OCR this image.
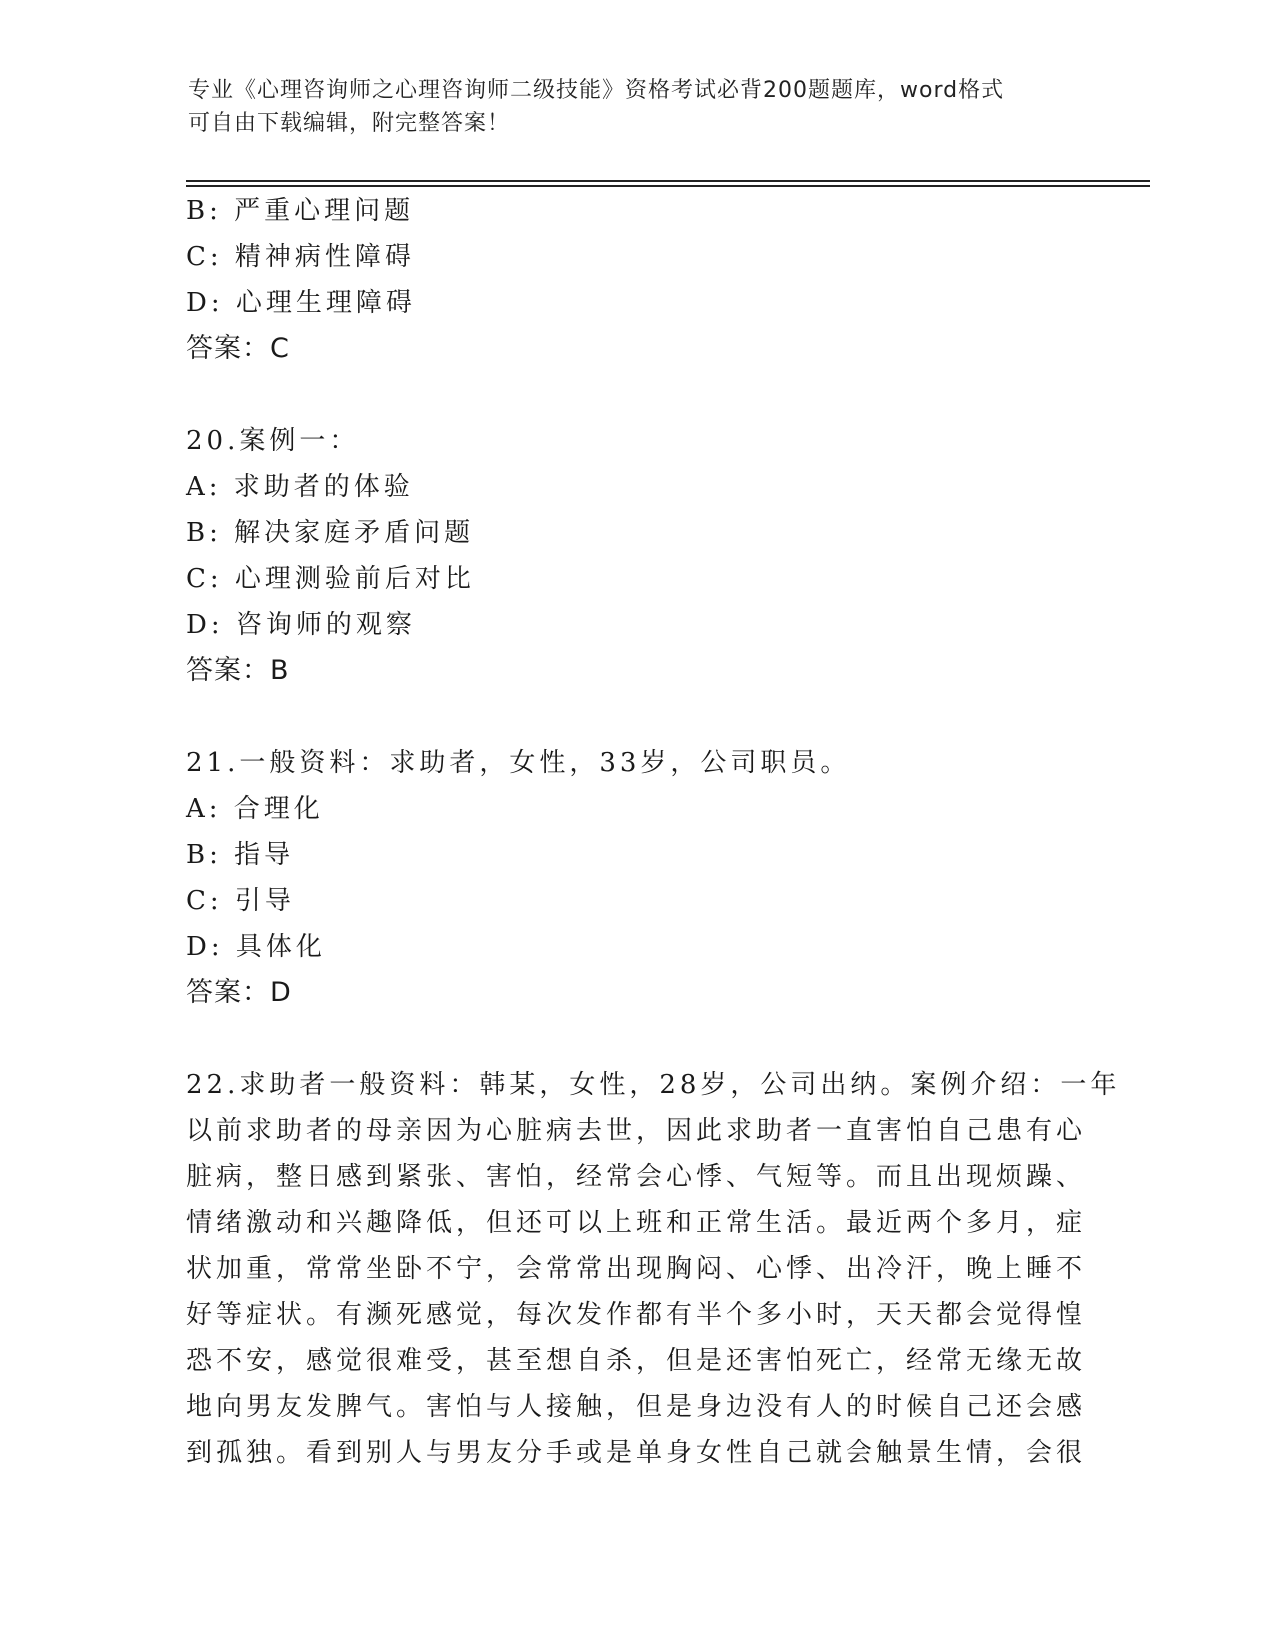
专业《心理咨询师之心理咨询师二级技能》资格考试必背200题题库，word格式
可自由下载编辑，附完整答案！

B: 严重心理问题

C: 精神病性障碍

D: 心理生理障碍

答案：C

20.案例一：

A: 求助者的体验

B: 解决家庭矛盾问题

C: 心理测验前后对比

D: 咨询师的观察

答案：B

21.一般资料：求助者，女性，33岁，公司职员。

A: 合理化

B: 指导

C: 引导

D: 具体化

答案：D

22.求助者一般资料：韩某，女性，28岁，公司出纳。案例介绍：一年

以前求助者的母亲因为心脏病去世，因此求助者一直害怕自己患有心

脏病，整日感到紧张、害怕，经常会心悸、气短等。而且出现烦躁、

情绪激动和兴趣降低，但还可以上班和正常生活。最近两个多月，症

状加重，常常坐卧不宁，会常常出现胸闷、心悸、出冷汗，晚上睡不

好等症状。有濒死感觉，每次发作都有半个多小时，天天都会觉得惶

恐不安，感觉很难受，甚至想自杀，但是还害怕死亡，经常无缘无故

地向男友发脾气。害怕与人接触，但是身边没有人的时候自己还会感

到孤独。看到别人与男友分手或是单身女性自己就会触景生情，会很
